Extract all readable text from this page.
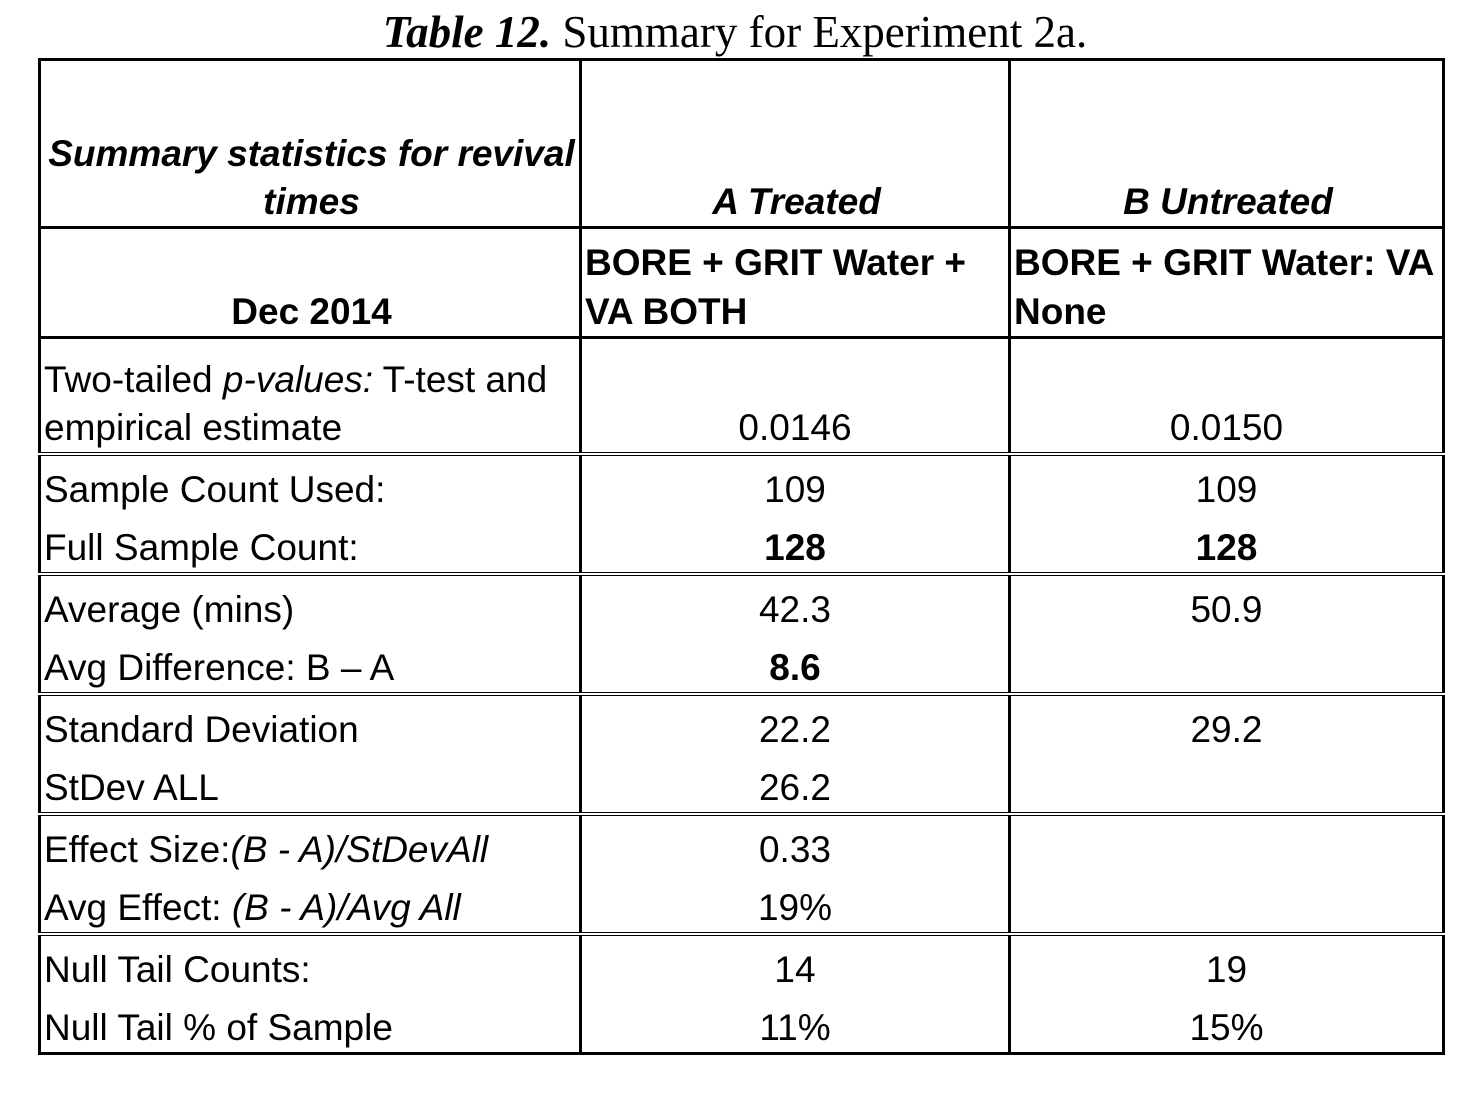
Table 12. Summary for Experiment 2a.
Summary statistics for revival times	A Treated	B Untreated
Dec 2014	BORE + GRIT Water + VA BOTH	BORE + GRIT Water: VA None
Two-tailed p-values: T-test and empirical estimate	0.0146	0.0150
Sample Count Used:	109	109
Full Sample Count:	128	128
Average (mins)	42.3	50.9
Avg Difference: B – A	8.6	
Standard Deviation	22.2	29.2
StDev ALL	26.2	
Effect Size:(B - A)/StDevAll	0.33	
Avg Effect: (B - A)/Avg All	19%	
Null Tail Counts:	14	19
Null Tail % of Sample	11%	15%
